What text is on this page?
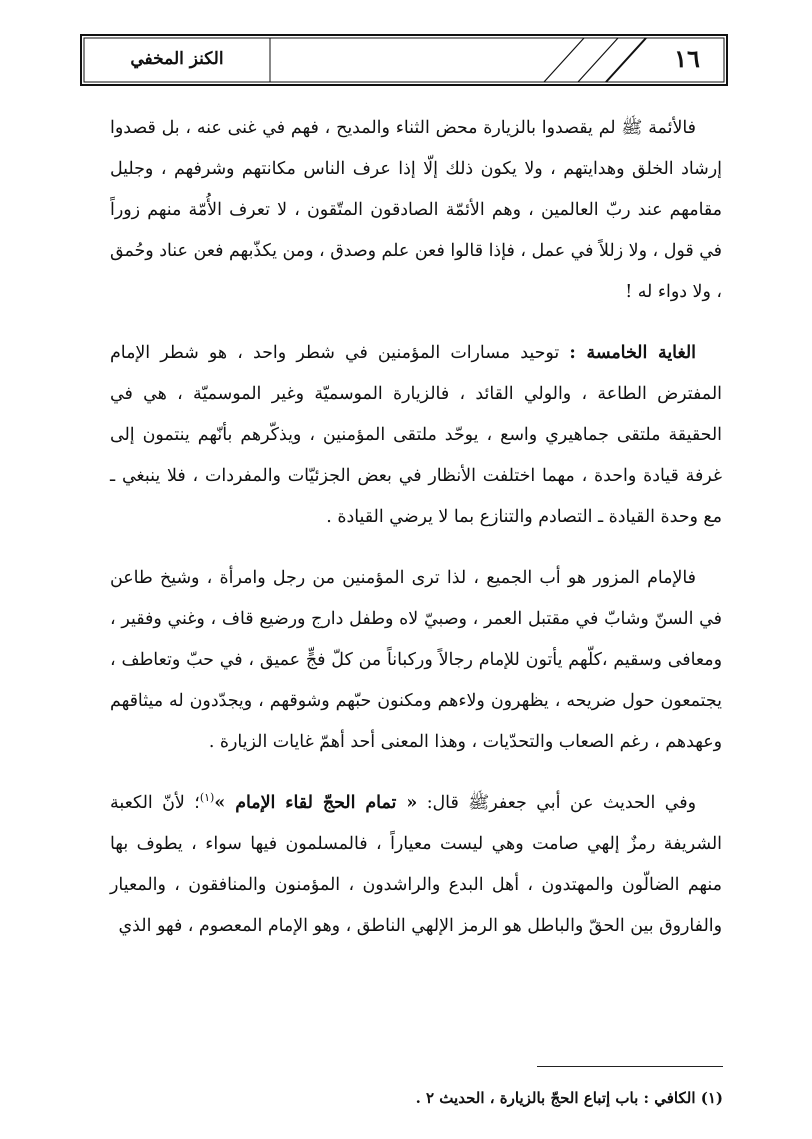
الكنز المخفي	١٦

فالأئمة ﷺ لم يقصدوا بالزيارة محض الثناء والمديح ، فهم في غنى عنه ، بل قصدوا إرشاد الخلق وهدايتهم ، ولا يكون ذلك إلّا إذا عرف الناس مكانتهم وشرفهم ، وجليل مقامهم عند ربّ العالمين ، وهم الأئمّة الصادقون المتّقون ، لا تعرف الأُمّة منهم زوراً في قول ، ولا زللاً في عمل ، فإذا قالوا فعن علم وصدق ، ومن يكذّبهم فعن عناد وحُمق ، ولا دواء له !

الغاية الخامسة : توحيد مسارات المؤمنين في شطر واحد ، هو شطر الإمام المفترض الطاعة ، والولي القائد ، فالزيارة الموسميّة وغير الموسميّة ، هي في الحقيقة ملتقى جماهيري واسع ، يوحّد ملتقى المؤمنين ، ويذكّرهم بأنّهم ينتمون إلى غرفة قيادة واحدة ، مهما اختلفت الأنظار في بعض الجزئيّات والمفردات ، فلا ينبغي ـ مع وحدة القيادة ـ التصادم والتنازع بما لا يرضي القيادة .

فالإمام المزور هو أب الجميع ، لذا ترى المؤمنين من رجل وامرأة ، وشيخ طاعن في السنّ وشابّ في مقتبل العمر ، وصبيّ لاه وطفل دارج ورضيع قاف ، وغني وفقير ، ومعافى وسقيم ،كلّهم يأتون للإمام رجالاً وركباناً من كلّ فجٍّ عميق ، في حبّ وتعاطف ، يجتمعون حول ضريحه ، يظهرون ولاءهم ومكنون حبّهم وشوقهم ، ويجدّدون له ميثاقهم وعهدهم ، رغم الصعاب والتحدّيات ، وهذا المعنى أحد أهمّ غايات الزيارة .

وفي الحديث عن أبي جعفرﷺ قال: « تمام الحجّ لقاء الإمام »$^{(١)}$؛ لأنّ الكعبة الشريفة رمزٌ إلهي صامت وهي ليست معياراً ، فالمسلمون فيها سواء ، يطوف بها منهم الضالّون والمهتدون ، أهل البدع والراشدون ، المؤمنون والمنافقون ، والمعيار والفاروق بين الحقّ والباطل هو الرمز الإلهي الناطق ، وهو الإمام المعصوم ، فهو الذي

(١) الكافي : باب إتباع الحجّ بالزيارة ، الحديث ٢ .
